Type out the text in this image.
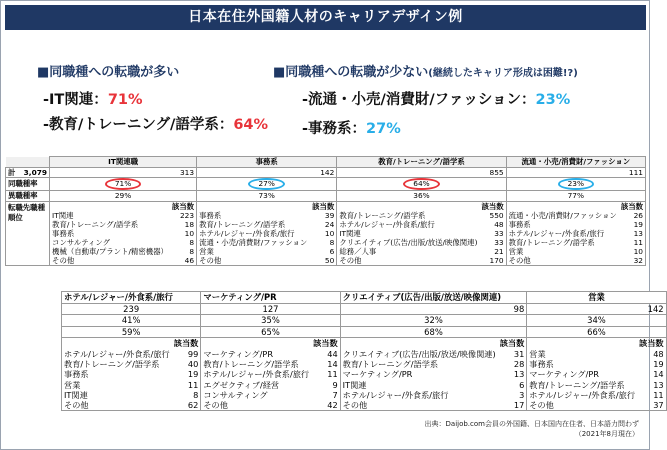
日本在住外国籍人材のキャリアデザイン例
■同職種への転職が多い	■同職種への転職が少ない(継続したキャリア形成は困難!?)
-IT関連：71%
-教育/トレーニング/語学系：64%
-流通・小売/消費財/ファッション：23%
-事務系：27%
	IT関連職	事務系	教育/トレーニング/語学系	流通・小売/消費財/ファッション

計 3,079	313	142	855	111
同職種率	71%	27%	64%	23%
異職種率	29%	73%	36%	77%

転職先職種
順位

	該当数
IT関連	223
教育/トレーニング/語学系	18
事務系	10
コンサルティング	8
機械（自動車/プラント/精密機器）	8
その他	46

	該当数
事務系	39
教育/トレーニング/語学系	24
ホテル/レジャー/外食系/旅行	10
流通・小売/消費財/ファッション	8
営業	6
その他	50

	該当数
教育/トレーニング/語学系	550
ホテル/レジャー/外食系/旅行	48
IT関連	33
クリエイティブ(広告/出版/放送/映像関連)	33
総務／人事	21
その他	170

	該当数
流通・小売/消費財/ファッション	26
事務系	19
ホテル/レジャー/外食系/旅行	13
教育/トレーニング/語学系	11
営業	10
その他	32
ホテル/レジャー/外食系/旅行	マーケティング/PR	クリエイティブ(広告/出版/放送/映像関連)	営業
239	127	98	142
41%	35%	32%	34%
59%	65%	68%	66%

	該当数
ホテル/レジャー/外食系/旅行	99
教育/トレーニング/語学系	40
事務系	19
営業	11
IT関連	8
その他	62

	該当数
マーケティング/PR	44
教育/トレーニング/語学系	14
ホテル/レジャー/外食系/旅行	11
エグゼクティブ/経営	9
コンサルティング	7
その他	42

	該当数
クリエイティブ(広告/出版/放送/映像関連)	31
教育/トレーニング/語学系	28
マーケティング/PR	13
IT関連	6
ホテル/レジャー/外食系/旅行	3
その他	17

	該当数
営業	48
事務系	19
マーケティング/PR	14
教育/トレーニング/語学系	13
ホテル/レジャー/外食系/旅行	11
その他	37
出典：Daijob.com会員の外国籍、日本国内在住者、日本語力問わず
（2021年8月現在）
